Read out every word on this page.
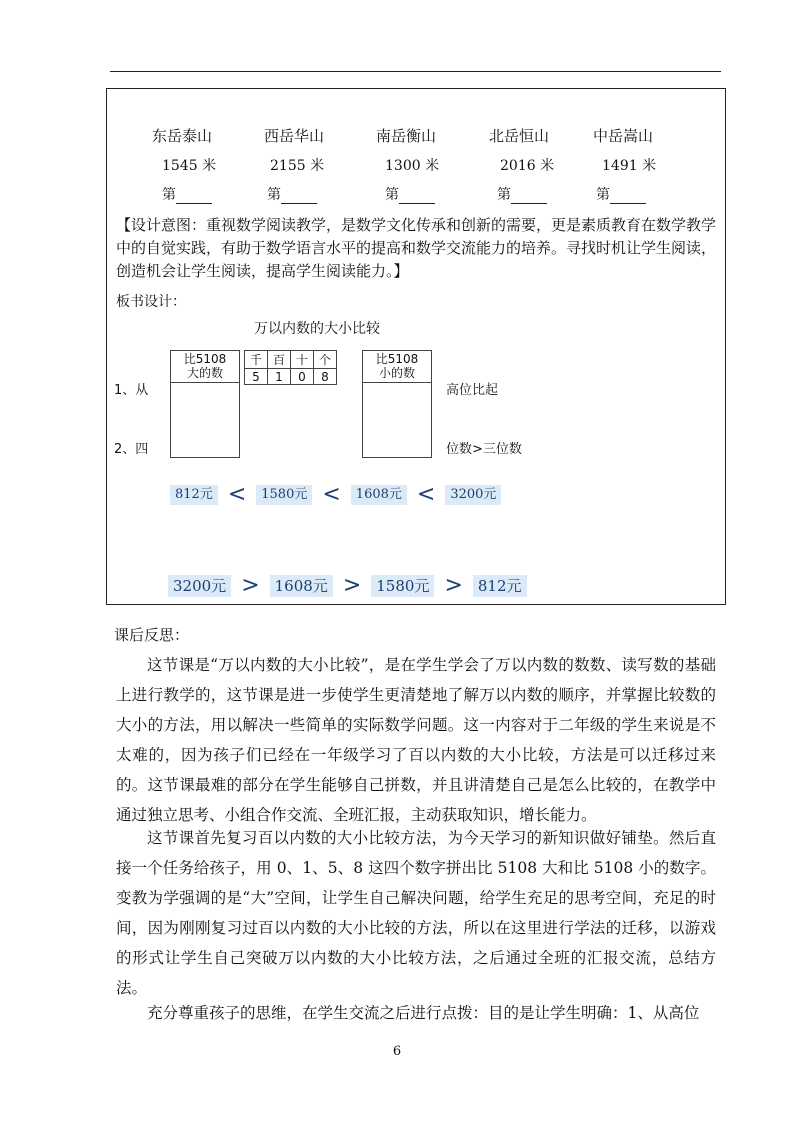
东岳泰山	西岳华山	南岳衡山	北岳恒山	中岳嵩山
1545 米	2155 米	1300 米	2016 米	1491 米
第	第	第	第	第
【设计意图：重视数学阅读教学，是数学文化传承和创新的需要，更是素质教育在数学教学中的自觉实践，有助于数学语言水平的提高和数学交流能力的培养。寻找时机让学生阅读，创造机会让学生阅读，提高学生阅读能力。】
板书设计：
万以内数的大小比较
比5108
大的数
千	百	十	个
5	1	0	8
比5108
小的数
1、从
2、四
高位比起
位数>三位数
812元 <	1580元 <	1608元 <	3200元
3200元 >	1608元 >	1580元 >	812元
课后反思：
这节课是“万以内数的大小比较”，是在学生学会了万以内数的数数、读写数的基础上进行教学的，这节课是进一步使学生更清楚地了解万以内数的顺序，并掌握比较数的大小的方法，用以解决一些简单的实际数学问题。这一内容对于二年级的学生来说是不太难的，因为孩子们已经在一年级学习了百以内数的大小比较，方法是可以迁移过来的。这节课最难的部分在学生能够自己拼数，并且讲清楚自己是怎么比较的，在教学中通过独立思考、小组合作交流、全班汇报，主动获取知识，增长能力。
这节课首先复习百以内数的大小比较方法，为今天学习的新知识做好铺垫。然后直接一个任务给孩子，用 0、1、5、8 这四个数字拼出比 5108 大和比 5108 小的数字。变教为学强调的是“大”空间，让学生自己解决问题，给学生充足的思考空间，充足的时间，因为刚刚复习过百以内数的大小比较的方法，所以在这里进行学法的迁移，以游戏的形式让学生自己突破万以内数的大小比较方法，之后通过全班的汇报交流，总结方法。
充分尊重孩子的思维，在学生交流之后进行点拨：目的是让学生明确：1、从高位
6
